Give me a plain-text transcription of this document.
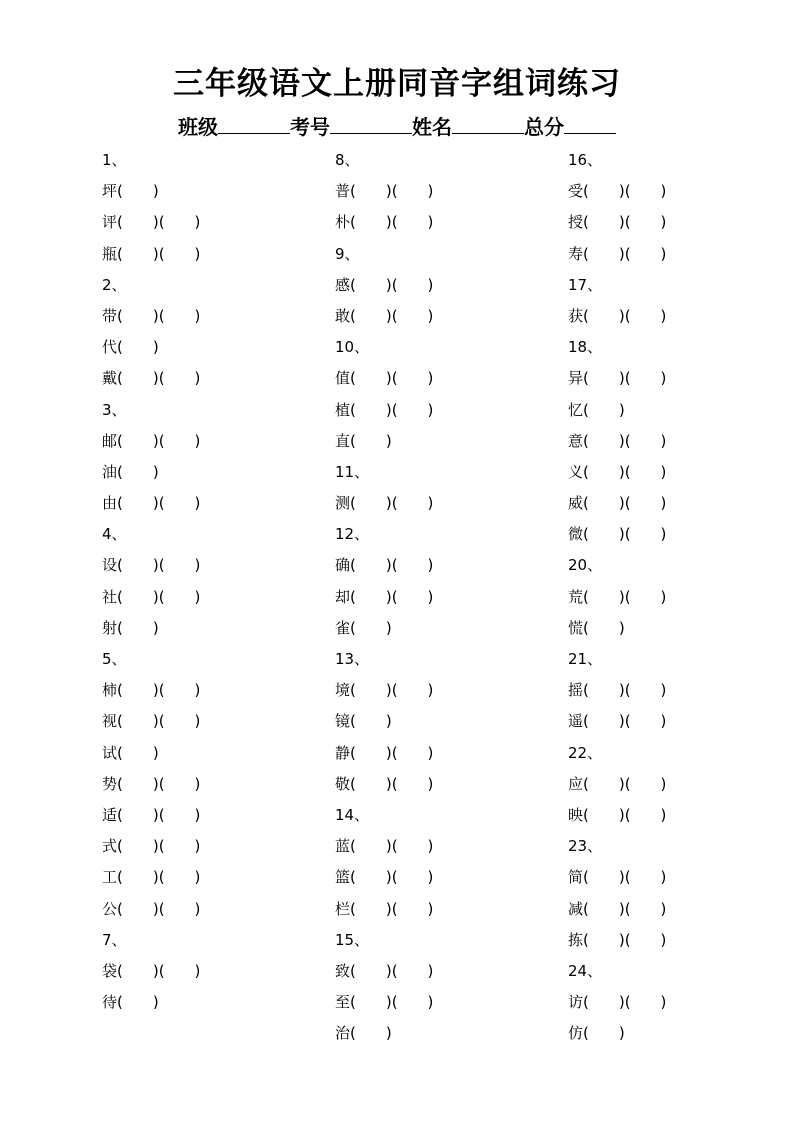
三年级语文上册同音字组词练习
班级	考号	姓名	总分
1、
坪(　　)
评(　　)(　　)
瓶(　　)(　　)
2、
带(　　)(　　)
代(　　)
戴(　　)(　　)
3、
邮(　　)(　　)
油(　　)
由(　　)(　　)
4、
设(　　)(　　)
社(　　)(　　)
射(　　)
5、
柿(　　)(　　)
视(　　)(　　)
试(　　)
势(　　)(　　)
适(　　)(　　)
式(　　)(　　)
工(　　)(　　)
公(　　)(　　)
7、
袋(　　)(　　)
待(　　)
8、
普(　　)(　　)
朴(　　)(　　)
9、
感(　　)(　　)
敢(　　)(　　)
10、
值(　　)(　　)
植(　　)(　　)
直(　　)
11、
测(　　)(　　)
12、
确(　　)(　　)
却(　　)(　　)
雀(　　)
13、
境(　　)(　　)
镜(　　)
静(　　)(　　)
敬(　　)(　　)
14、
蓝(　　)(　　)
篮(　　)(　　)
栏(　　)(　　)
15、
致(　　)(　　)
至(　　)(　　)
治(　　)
16、
受(　　)(　　)
授(　　)(　　)
寿(　　)(　　)
17、
获(　　)(　　)
18、
异(　　)(　　)
忆(　　)
意(　　)(　　)
义(　　)(　　)
威(　　)(　　)
微(　　)(　　)
20、
荒(　　)(　　)
慌(　　)
21、
摇(　　)(　　)
遥(　　)(　　)
22、
应(　　)(　　)
映(　　)(　　)
23、
简(　　)(　　)
减(　　)(　　)
拣(　　)(　　)
24、
访(　　)(　　)
仿(　　)
